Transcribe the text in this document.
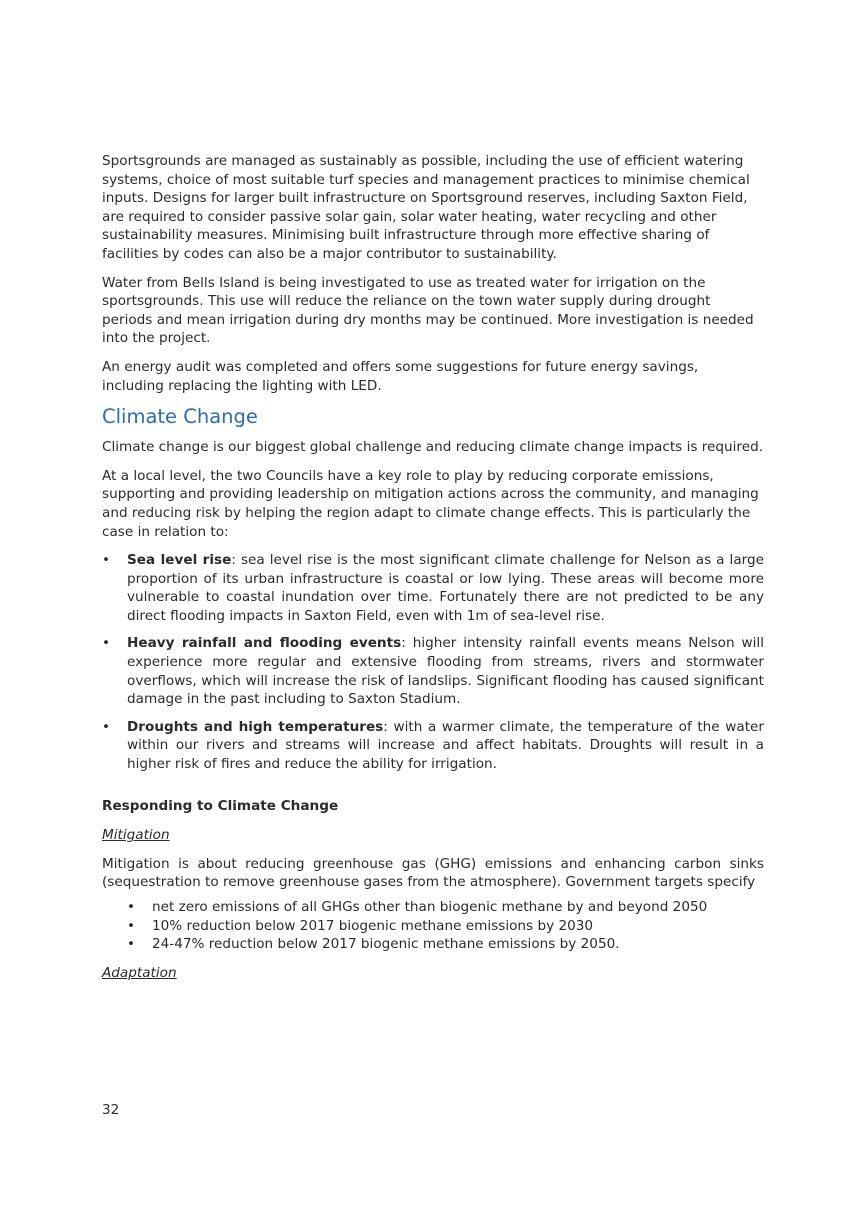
Sportsgrounds are managed as sustainably as possible, including the use of efficient watering systems, choice of most suitable turf species and management practices to minimise chemical inputs. Designs for larger built infrastructure on Sportsground reserves, including Saxton Field, are required to consider passive solar gain, solar water heating, water recycling and other sustainability measures. Minimising built infrastructure through more effective sharing of facilities by codes can also be a major contributor to sustainability.

Water from Bells Island is being investigated to use as treated water for irrigation on the sportsgrounds. This use will reduce the reliance on the town water supply during drought periods and mean irrigation during dry months may be continued. More investigation is needed into the project.

An energy audit was completed and offers some suggestions for future energy savings, including replacing the lighting with LED.

Climate Change

Climate change is our biggest global challenge and reducing climate change impacts is required.

At a local level, the two Councils have a key role to play by reducing corporate emissions, supporting and providing leadership on mitigation actions across the community, and managing and reducing risk by helping the region adapt to climate change effects. This is particularly the case in relation to:

• Sea level rise: sea level rise is the most significant climate challenge for Nelson as a large proportion of its urban infrastructure is coastal or low lying. These areas will become more vulnerable to coastal inundation over time. Fortunately there are not predicted to be any direct flooding impacts in Saxton Field, even with 1m of sea-level rise.
• Heavy rainfall and flooding events: higher intensity rainfall events means Nelson will experience more regular and extensive flooding from streams, rivers and stormwater overflows, which will increase the risk of landslips. Significant flooding has caused significant damage in the past including to Saxton Stadium.
• Droughts and high temperatures: with a warmer climate, the temperature of the water within our rivers and streams will increase and affect habitats. Droughts will result in a higher risk of fires and reduce the ability for irrigation.
Responding to Climate Change

Mitigation

Mitigation is about reducing greenhouse gas (GHG) emissions and enhancing carbon sinks (sequestration to remove greenhouse gases from the atmosphere). Government targets specify

• net zero emissions of all GHGs other than biogenic methane by and beyond 2050
• 10% reduction below 2017 biogenic methane emissions by 2030
• 24-47% reduction below 2017 biogenic methane emissions by 2050.

Adaptation

32
